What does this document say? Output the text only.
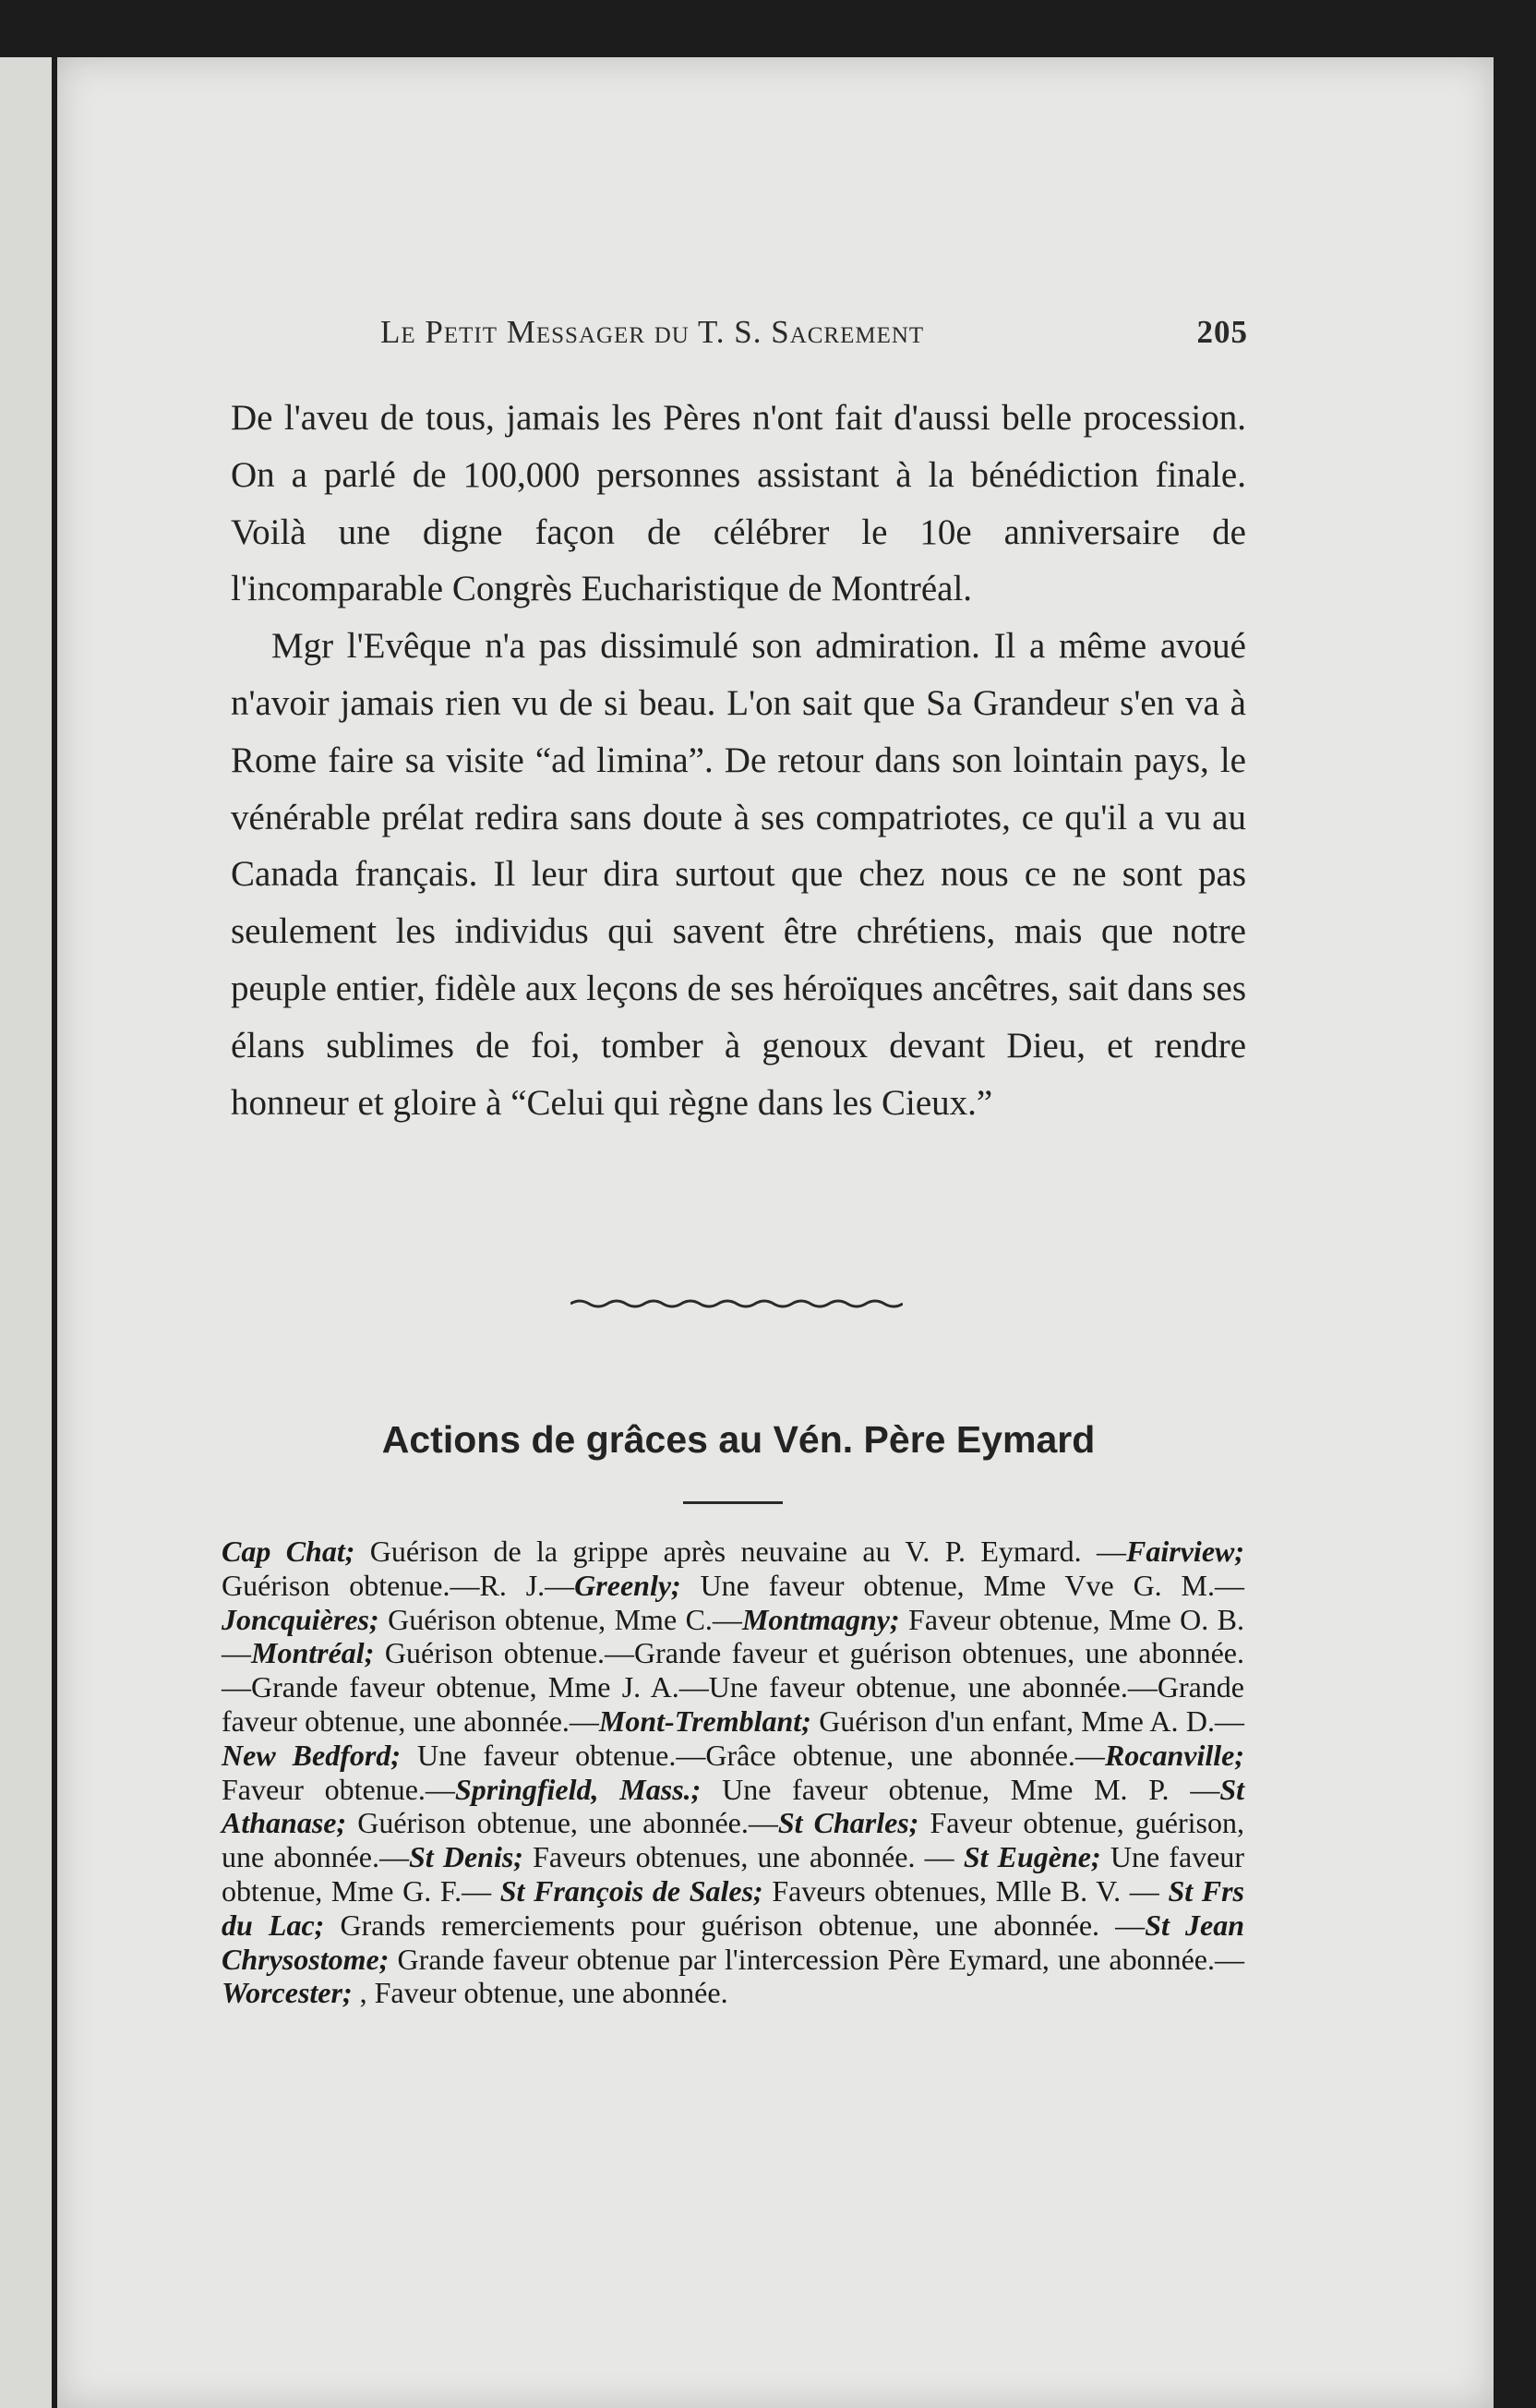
Le Petit Messager du T. S. Sacrement	205

De l'aveu de tous, jamais les Pères n'ont fait d'aussi belle procession. On a parlé de 100,000 personnes assistant à la bénédiction finale. Voilà une digne façon de célébrer le 10e anniversaire de l'incomparable Congrès Eucharistique de Montréal.

Mgr l'Evêque n'a pas dissimulé son admiration. Il a même avoué n'avoir jamais rien vu de si beau. L'on sait que Sa Grandeur s'en va à Rome faire sa visite “ad limina”. De retour dans son lointain pays, le vénérable prélat redira sans doute à ses compatriotes, ce qu'il a vu au Canada français. Il leur dira surtout que chez nous ce ne sont pas seulement les individus qui savent être chrétiens, mais que notre peuple entier, fidèle aux leçons de ses héroïques ancêtres, sait dans ses élans sublimes de foi, tomber à genoux devant Dieu, et rendre honneur et gloire à “Celui qui règne dans les Cieux.”

Actions de grâces au Vén. Père Eymard
Cap Chat; Guérison de la grippe après neuvaine au V. P. Eymard. —Fairview; Guérison obtenue.—R. J.—Greenly; Une faveur obtenue, Mme Vve G. M.—Joncquières; Guérison obtenue, Mme C.—Montmagny; Faveur obtenue, Mme O. B.—Montréal; Guérison obtenue.—Grande faveur et guérison obtenues, une abonnée. —Grande faveur obtenue, Mme J. A.—Une faveur obtenue, une abonnée.—Grande faveur obtenue, une abonnée.—Mont-Tremblant; Guérison d'un enfant, Mme A. D.—New Bedford; Une faveur obtenue.—Grâce obtenue, une abonnée.—Rocanville; Faveur obtenue.—Springfield, Mass.; Une faveur obtenue, Mme M. P. —St Athanase; Guérison obtenue, une abonnée.—St Charles; Faveur obtenue, guérison, une abonnée.—St Denis; Faveurs obtenues, une abonnée. — St Eugène; Une faveur obtenue, Mme G. F.— St François de Sales; Faveurs obtenues, Mlle B. V. — St Frs du Lac; Grands remerciements pour guérison obtenue, une abonnée. —St Jean Chrysostome; Grande faveur obtenue par l'intercession Père Eymard, une abonnée.—Worcester; , Faveur obtenue, une abonnée.
